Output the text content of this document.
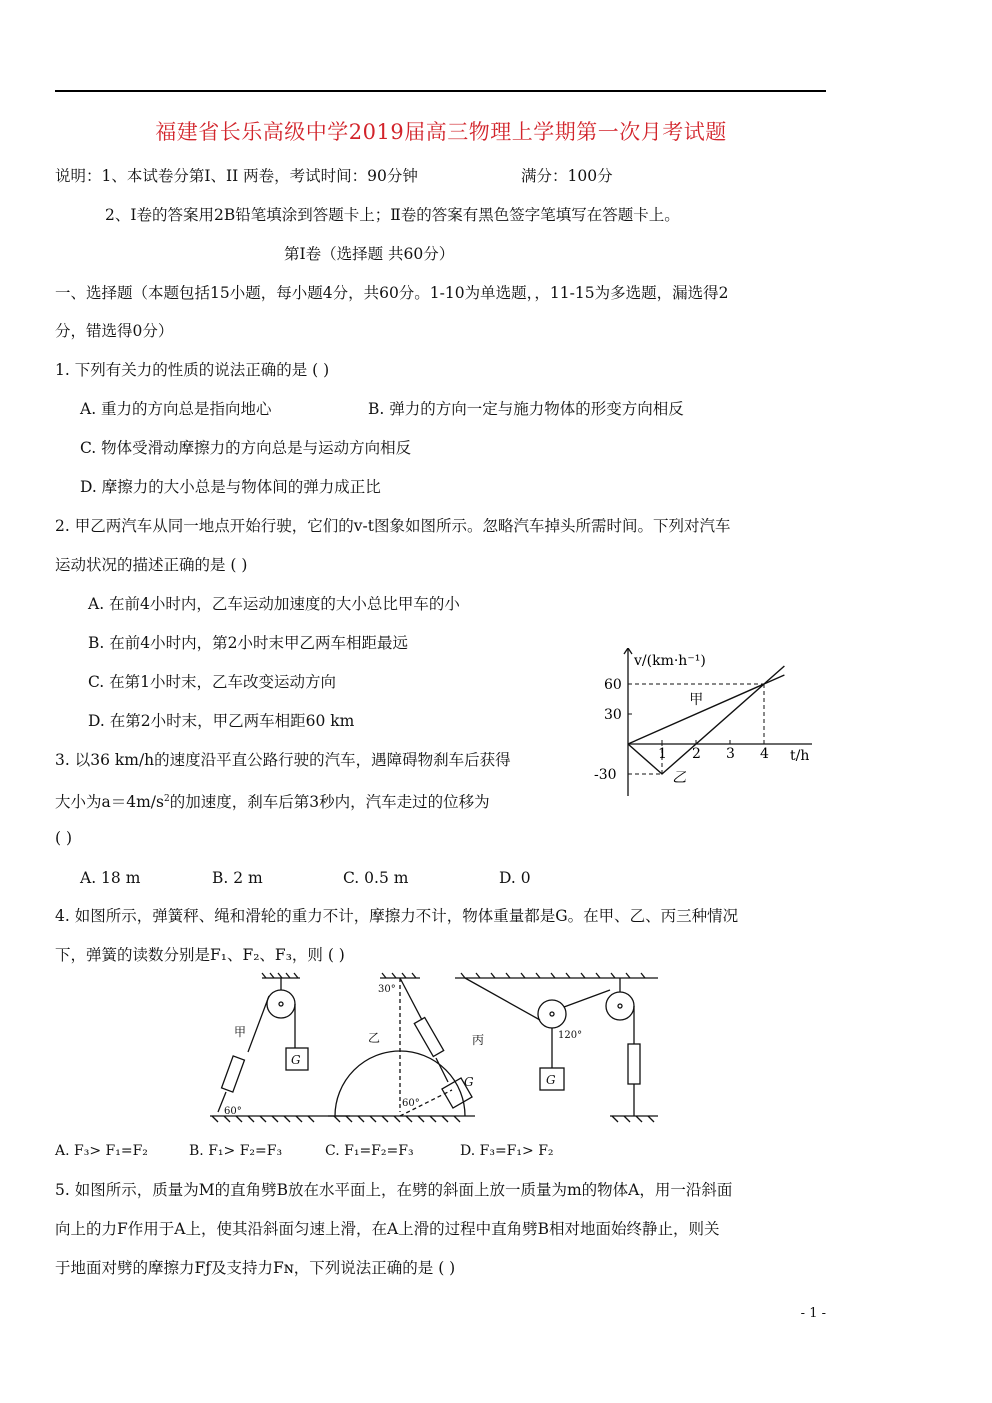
福建省长乐高级中学2019届高三物理上学期第一次月考试题
说明：1、本试卷分第Ⅰ、II 两卷，考试时间：90分钟	满分：100分
2、Ⅰ卷的答案用2B铅笔填涂到答题卡上；Ⅱ卷的答案有黑色签字笔填写在答题卡上。
第Ⅰ卷（选择题 共60分）
一、选择题（本题包括15小题，每小题4分，共60分。1-10为单选题，，11-15为多选题，漏选得2
分，错选得0分）
1. 下列有关力的性质的说法正确的是 ( )
A. 重力的方向总是指向地心	B. 弹力的方向一定与施力物体的形变方向相反
C. 物体受滑动摩擦力的方向总是与运动方向相反
D. 摩擦力的大小总是与物体间的弹力成正比
2. 甲乙两汽车从同一地点开始行驶，它们的v-t图象如图所示。忽略汽车掉头所需时间。下列对汽车
运动状况的描述正确的是 ( )
A. 在前4小时内，乙车运动加速度的大小总比甲车的小
B. 在前4小时内，第2小时末甲乙两车相距最远
C. 在第1小时末，乙车改变运动方向
D. 在第2小时末，甲乙两车相距60 km
1 2 3 4
60
30
-30
甲
乙
v/(km·h⁻¹)
t/h
3. 以36 km/h的速度沿平直公路行驶的汽车，遇障碍物刹车后获得
大小为$a=4m/s^2$的加速度，刹车后第3秒内，汽车走过的位移为
( )
A. 18 m	B. 2 m	C. 0.5 m	D. 0
4. 如图所示，弹簧秤、绳和滑轮的重力不计，摩擦力不计，物体重量都是G。在甲、乙、丙三种情况
下，弹簧的读数分别是F₁、F₂、F₃，则 ( )
甲
G
60°
乙
30°
G
60°
丙	120°
G
A. F₃> F₁=F₂	B. F₁> F₂=F₃	C. F₁=F₂=F₃	D. F₃=F₁> F₂
5. 如图所示，质量为M的直角劈B放在水平面上，在劈的斜面上放一质量为m的物体A，用一沿斜面
向上的力F作用于A上，使其沿斜面匀速上滑，在A上滑的过程中直角劈B相对地面始终静止，则关
于地面对劈的摩擦力Fƒ及支持力Fɴ，下列说法正确的是 ( )
- 1 -
